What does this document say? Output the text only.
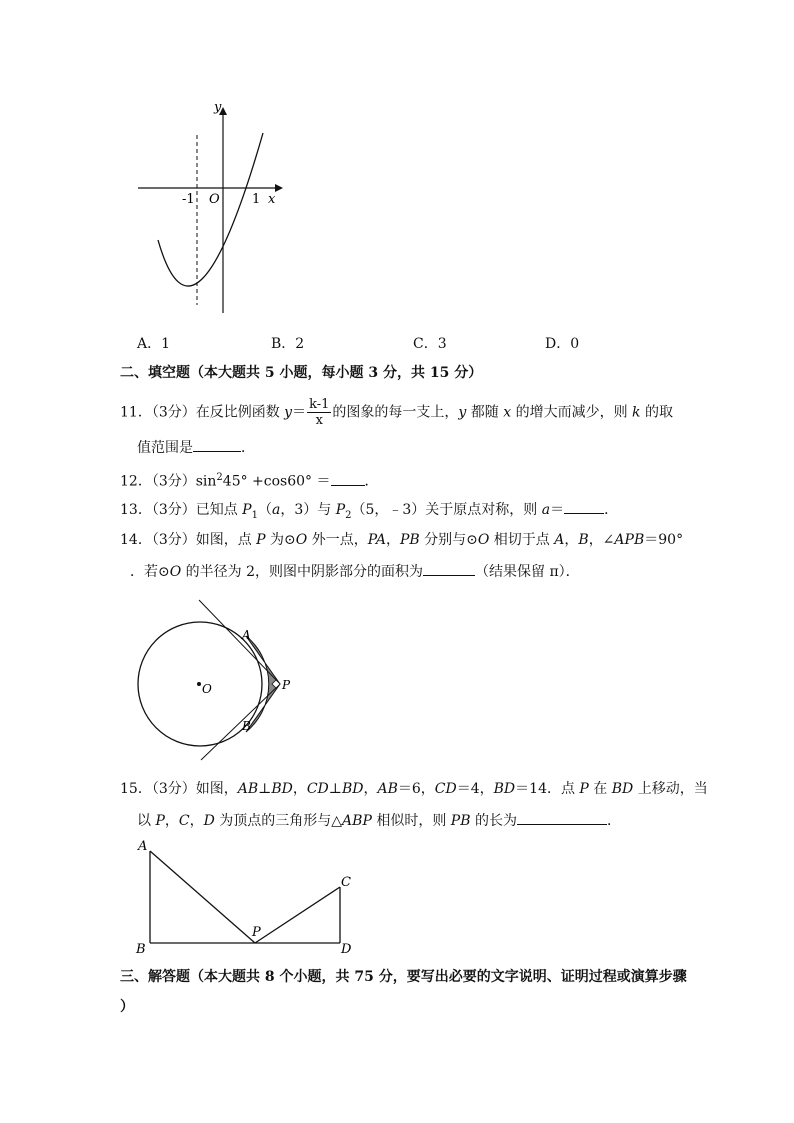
y
x
O
-1	1
A．1	B．2	C．3	D．0
二、填空题（本大题共 5 小题，每小题 3 分，共 15 分）
11．（3分）在反比例函数 $y= \frac{k-1}{x}$ 的图象的每一支上，y 都随 x 的增大而减少，则 k 的取
值范围是	．
12．（3分）$\sin^245^\circ +\cos 60^\circ$ ＝ ．
13．（3分）已知点 $P_1(a$，3）与 $P_2(5$，﹣3）关于原点对称，则 a＝	．
14．（3分）如图，点 P 为⊙O 外一点，PA，PB 分别与⊙O 相切于点 A，B，∠APB＝90°
．若⊙O 的半径为 2，则图中阴影部分的面积为	（结果保留 π）．
A
B
O	P
15．（3分）如图，AB⊥BD，CD⊥BD，AB＝6，CD＝4，BD＝14．点 P 在 BD 上移动，当
以 P，C，D 为顶点的三角形与△ABP 相似时，则 PB 的长为	．
A
B
C
D
P
三、解答题（本大题共 8 个小题，共 75 分，要写出必要的文字说明、证明过程或演算步骤
）
